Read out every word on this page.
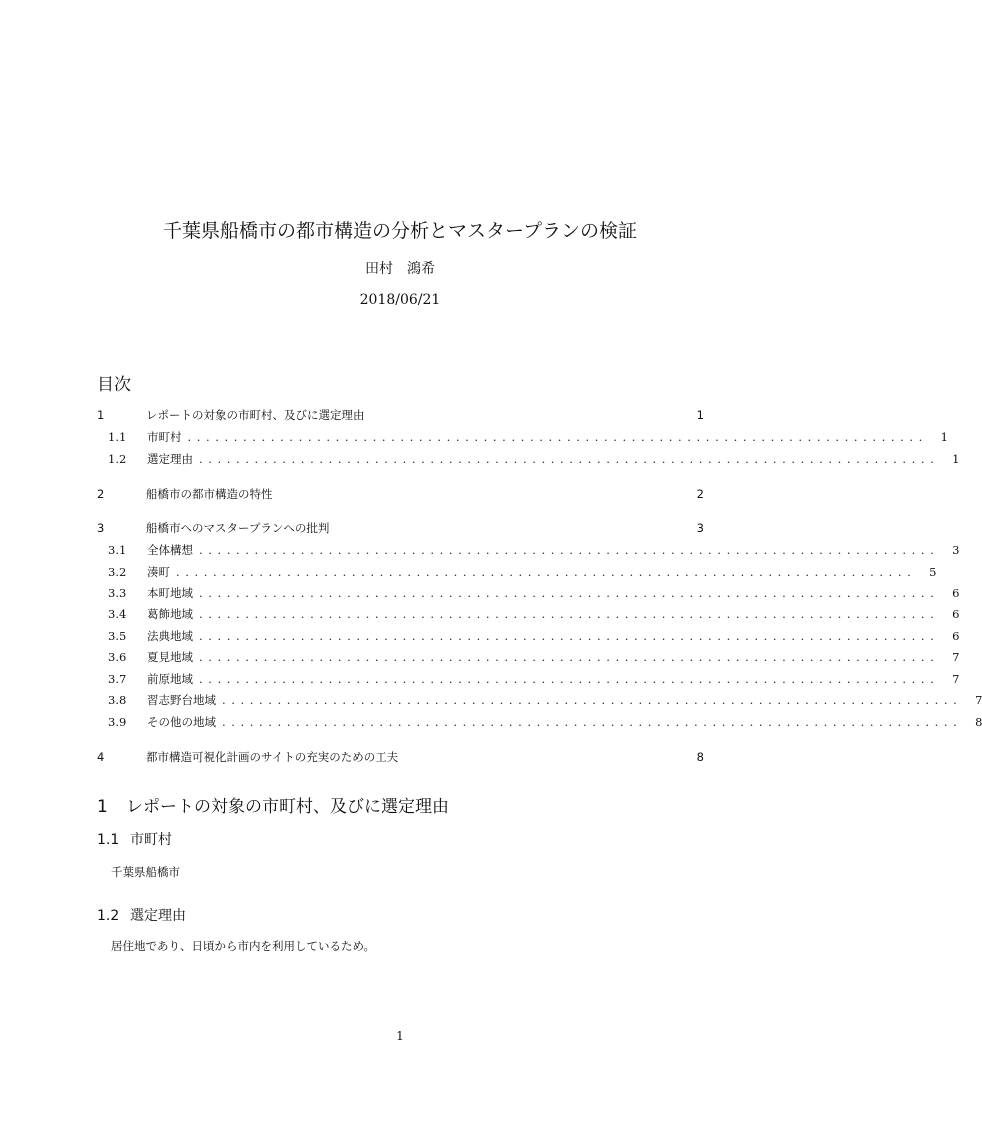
千葉県船橋市の都市構造の分析とマスタープランの検証
田村　鴻希
2018/06/21
目次
1	レポートの対象の市町村、及びに選定理由	1
1.1	市町村 ................................................................................	1
1.2	選定理由 ................................................................................	1
2	船橋市の都市構造の特性	2
3	船橋市へのマスタープランへの批判	3
3.1	全体構想 ................................................................................	3
3.2	湊町 ................................................................................	5
3.3	本町地域 ................................................................................	6
3.4	葛飾地域 ................................................................................	6
3.5	法典地域 ................................................................................	6
3.6	夏見地域 ................................................................................	7
3.7	前原地域 ................................................................................	7
3.8	習志野台地域 ................................................................................	7
3.9	その他の地域 ................................................................................	8
4	都市構造可視化計画のサイトの充実のための工夫	8
1 レポートの対象の市町村、及びに選定理由
1.1 市町村

千葉県船橋市

1.2 選定理由

居住地であり、日頃から市内を利用しているため。

1
